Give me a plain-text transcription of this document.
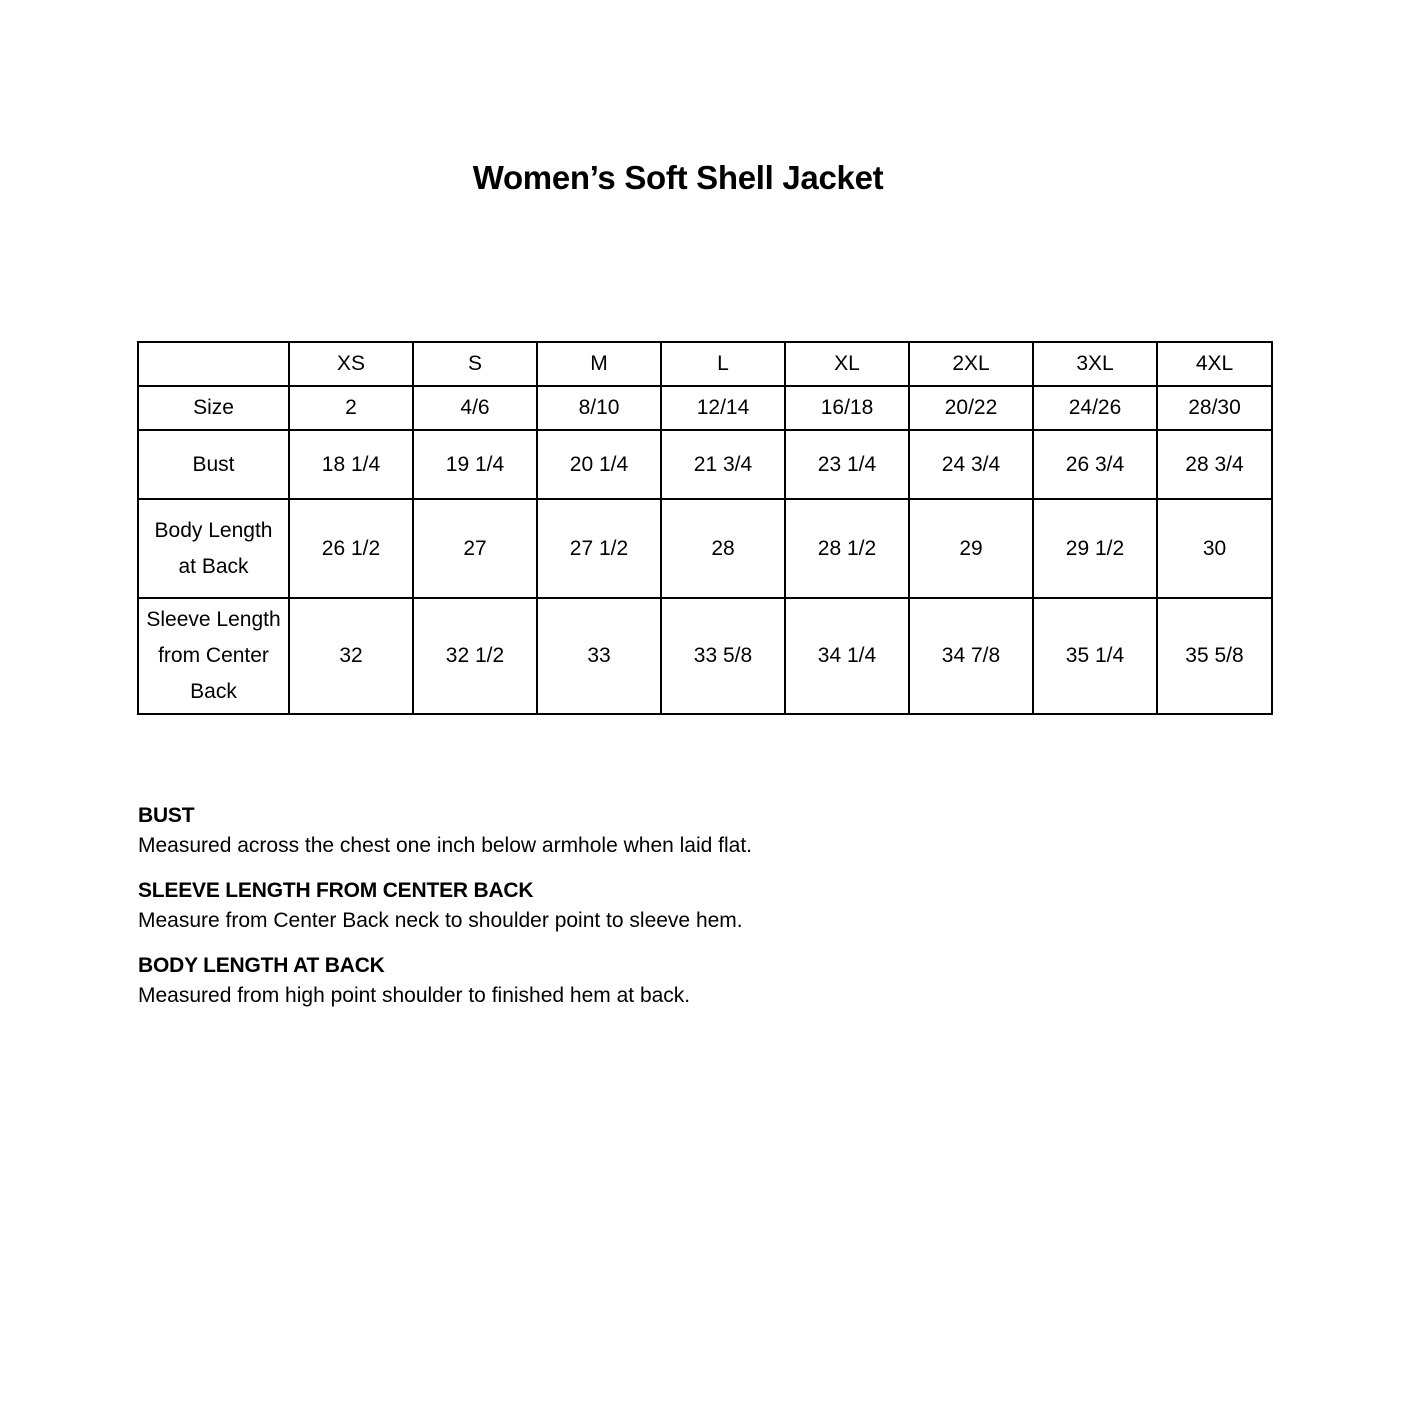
Women’s Soft Shell Jacket
	XS	S	M	L	XL	2XL	3XL	4XL
Size	2	4/6	8/10	12/14	16/18	20/22	24/26	28/30
Bust	18 1/4	19 1/4	20 1/4	21 3/4	23 1/4	24 3/4	26 3/4	28 3/4
Body Length at Back	26 1/2	27	27 1/2	28	28 1/2	29	29 1/2	30
Sleeve Length from Center Back	32	32 1/2	33	33 5/8	34 1/4	34 7/8	35 1/4	35 5/8
BUST
Measured across the chest one inch below armhole when laid flat.
SLEEVE LENGTH FROM CENTER BACK
Measure from Center Back neck to shoulder point to sleeve hem.
BODY LENGTH AT BACK
Measured from high point shoulder to finished hem at back.
